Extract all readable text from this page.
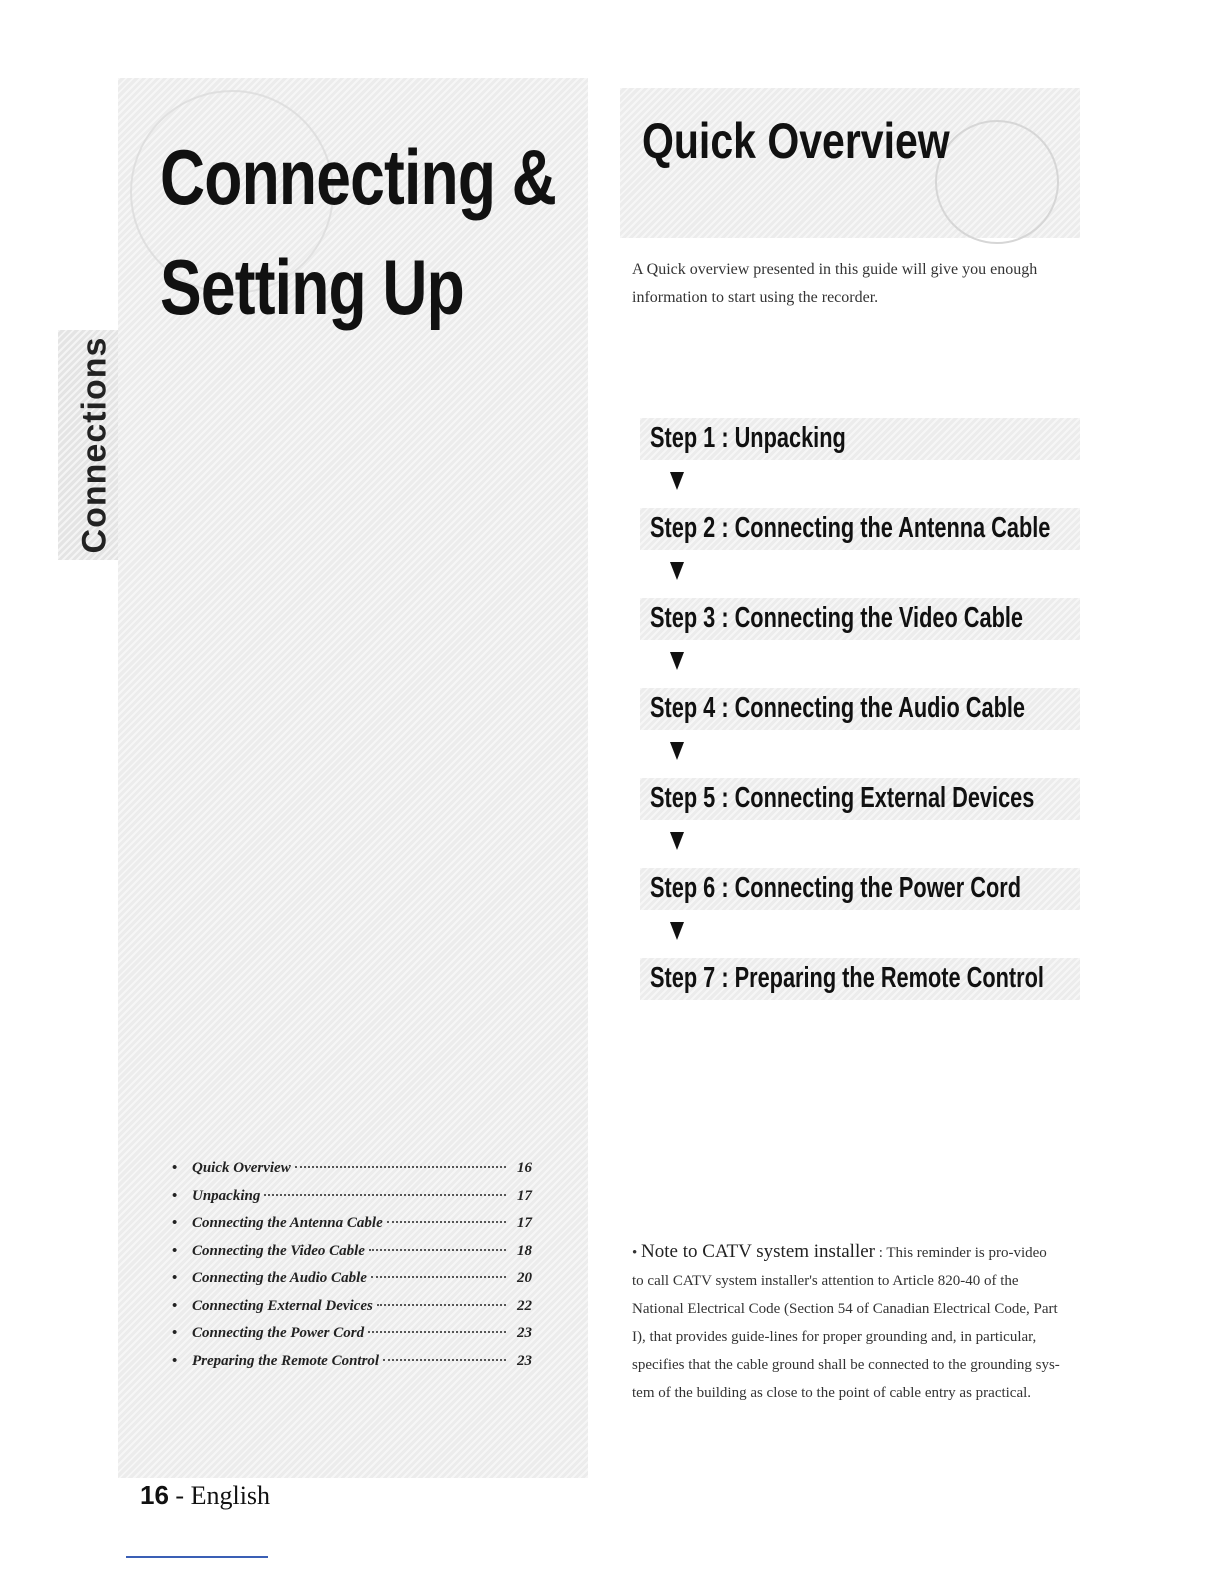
Connecting &
Setting Up
Connections
• Quick Overview	16
• Unpacking	17
• Connecting the Antenna Cable	17
• Connecting the Video Cable	18
• Connecting the Audio Cable	20
• Connecting External Devices	22
• Connecting the Power Cord	23
• Preparing the Remote Control	23
16 - English
Quick Overview
A Quick overview presented in this guide will give you enough information to start using the recorder.
Step 1 : Unpacking
Step 2 : Connecting the Antenna Cable
Step 3 : Connecting the Video Cable
Step 4 : Connecting the Audio Cable
Step 5 : Connecting External Devices
Step 6 : Connecting the Power Cord
Step 7 : Preparing the Remote Control
• Note to CATV system installer : This reminder is pro-video to call CATV system installer's attention to Article 820-40 of the National Electrical Code (Section 54 of Canadian Electrical Code, Part I), that provides guide-lines for proper grounding and, in particular, specifies that the cable ground shall be connected to the grounding sys-tem of the building as close to the point of cable entry as practical.
